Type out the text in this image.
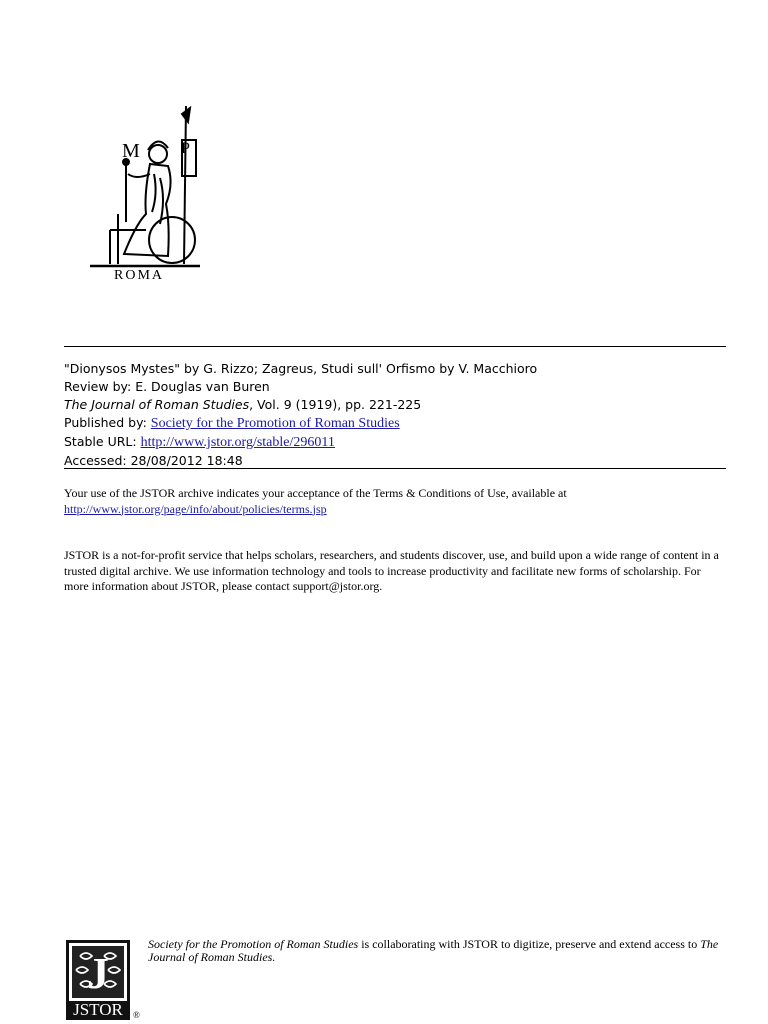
M	P
ROMA
"Dionysos Mystes" by G. Rizzo; Zagreus, Studi sull' Orfismo by V. Macchioro
Review by: E. Douglas van Buren
The Journal of Roman Studies, Vol. 9 (1919), pp. 221-225
Published by: Society for the Promotion of Roman Studies
Stable URL: http://www.jstor.org/stable/296011
Accessed: 28/08/2012 18:48
Your use of the JSTOR archive indicates your acceptance of the Terms & Conditions of Use, available at
http://www.jstor.org/page/info/about/policies/terms.jsp
JSTOR is a not-for-profit service that helps scholars, researchers, and students discover, use, and build upon a wide range of content in a trusted digital archive. We use information technology and tools to increase productivity and facilitate new forms of scholarship. For more information about JSTOR, please contact support@jstor.org.
J
JSTOR	®
Society for the Promotion of Roman Studies is collaborating with JSTOR to digitize, preserve and extend access to The Journal of Roman Studies.
